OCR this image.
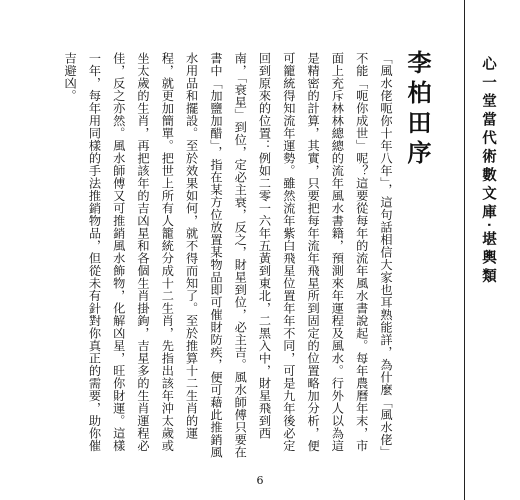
心一堂當代術數文庫‧堪輿類
李柏田序
「風水佬呃你十年八年」，這句話相信大家也耳熟能詳，為什麼「風水佬」不能「呃你成世」呢？這要從每年的流年風水書說起。每年農曆年末，市面上充斥林林總總的流年風水書籍，預測來年運程及風水。行外人以為這是精密的計算，其實，只要把每年流年飛星所到固定的位置略加分析，便可籠統得知流年運勢。雖然流年紫白飛星位置年年不同，可是九年後必定回到原來的位置：例如二零一六年五黃到東北，二黑入中，財星飛到西南，「衰星」到位，定必主衰，反之，財星到位，必主吉。風水師傅只要在書中「加鹽加醋」，指在某方位放置某物品即可催財防疾，便可藉此推銷風水用品和擺設。至於效果如何，就不得而知了。至於推算十二生肖的運程，就更加簡單。把世上所有人籠統分成十二生肖，先指出該年沖太歲或坐太歲的生肖，再把該年的吉凶星和各個生肖掛鉤，吉星多的生肖運程必佳，反之亦然。風水師傅又可推銷風水飾物，化解凶星，旺你財運。這樣一年，每年用同樣的手法推銷物品，但從未有針對你真正的需要，助你催吉避凶。
6
